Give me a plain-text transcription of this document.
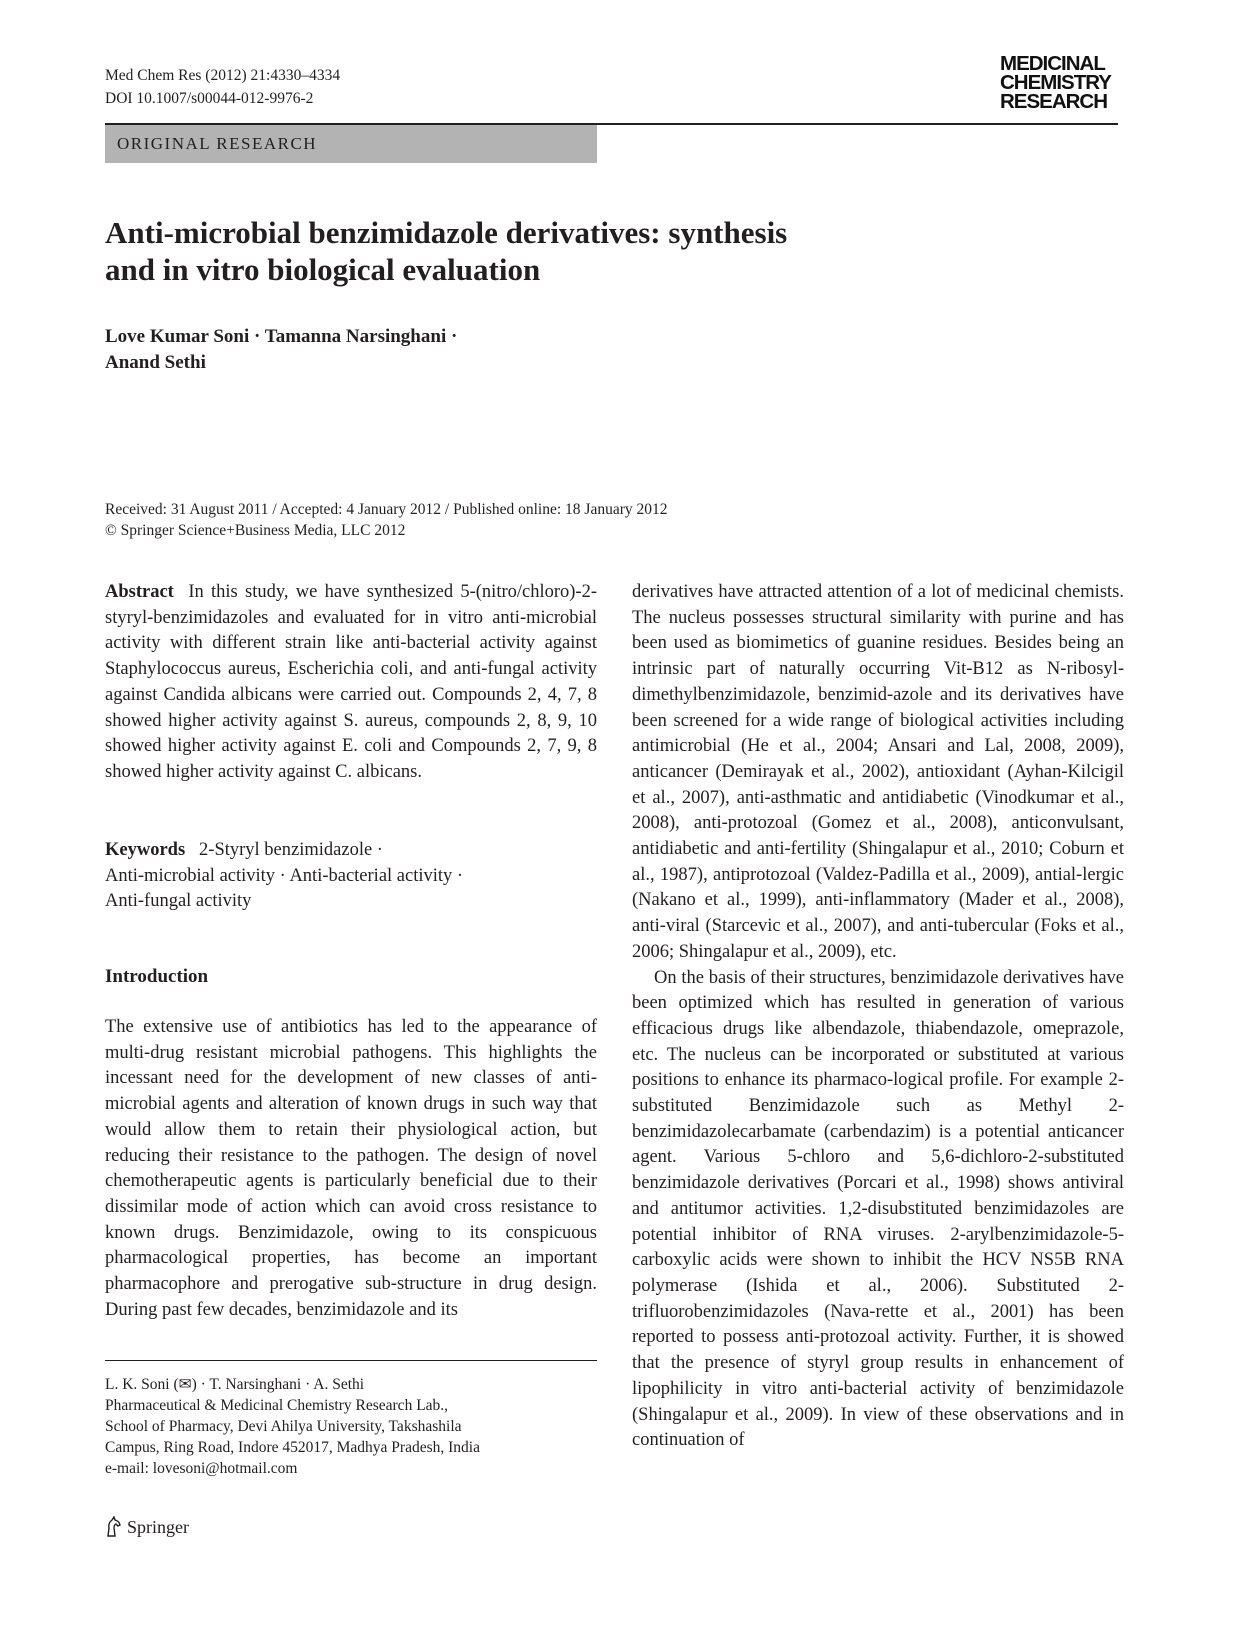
Med Chem Res (2012) 21:4330–4334
DOI 10.1007/s00044-012-9976-2
MEDICINAL
CHEMISTRY
RESEARCH
ORIGINAL RESEARCH
Anti-microbial benzimidazole derivatives: synthesis
and in vitro biological evaluation
Love Kumar Soni · Tamanna Narsinghani ·
Anand Sethi
Received: 31 August 2011 / Accepted: 4 January 2012 / Published online: 18 January 2012
© Springer Science+Business Media, LLC 2012

Abstract In this study, we have synthesized 5-(nitro/chloro)-2-styryl-benzimidazoles and evaluated for in vitro anti-microbial activity with different strain like anti-bacterial activity against Staphylococcus aureus, Escherichia coli, and anti-fungal activity against Candida albicans were carried out. Compounds 2, 4, 7, 8 showed higher activity against S. aureus, compounds 2, 8, 9, 10 showed higher activity against E. coli and Compounds 2, 7, 9, 8 showed higher activity against C. albicans.

Keywords 2-Styryl benzimidazole ·
Anti-microbial activity · Anti-bacterial activity ·
Anti-fungal activity
Introduction

The extensive use of antibiotics has led to the appearance of multi-drug resistant microbial pathogens. This highlights the incessant need for the development of new classes of anti-microbial agents and alteration of known drugs in such way that would allow them to retain their physiological action, but reducing their resistance to the pathogen. The design of novel chemotherapeutic agents is particularly beneficial due to their dissimilar mode of action which can avoid cross resistance to known drugs. Benzimidazole, owing to its conspicuous pharmacological properties, has become an important pharmacophore and prerogative sub-structure in drug design. During past few decades, benzimidazole and its

L. K. Soni (✉) · T. Narsinghani · A. Sethi
Pharmaceutical & Medicinal Chemistry Research Lab.,
School of Pharmacy, Devi Ahilya University, Takshashila
Campus, Ring Road, Indore 452017, Madhya Pradesh, India
e-mail: lovesoni@hotmail.com

derivatives have attracted attention of a lot of medicinal chemists. The nucleus possesses structural similarity with purine and has been used as biomimetics of guanine residues. Besides being an intrinsic part of naturally occurring Vit-B12 as N-ribosyl-dimethylbenzimidazole, benzimid-azole and its derivatives have been screened for a wide range of biological activities including antimicrobial (He et al., 2004; Ansari and Lal, 2008, 2009), anticancer (Demirayak et al., 2002), antioxidant (Ayhan-Kilcigil et al., 2007), anti-asthmatic and antidiabetic (Vinodkumar et al., 2008), anti-protozoal (Gomez et al., 2008), anticonvulsant, antidiabetic and anti-fertility (Shingalapur et al., 2010; Coburn et al., 1987), antiprotozoal (Valdez-Padilla et al., 2009), antial-lergic (Nakano et al., 1999), anti-inflammatory (Mader et al., 2008), anti-viral (Starcevic et al., 2007), and anti-tubercular (Foks et al., 2006; Shingalapur et al., 2009), etc.

On the basis of their structures, benzimidazole derivatives have been optimized which has resulted in generation of various efficacious drugs like albendazole, thiabendazole, omeprazole, etc. The nucleus can be incorporated or substituted at various positions to enhance its pharmaco-logical profile. For example 2-substituted Benzimidazole such as Methyl 2-benzimidazolecarbamate (carbendazim) is a potential anticancer agent. Various 5-chloro and 5,6-dichloro-2-substituted benzimidazole derivatives (Porcari et al., 1998) shows antiviral and antitumor activities. 1,2-disubstituted benzimidazoles are potential inhibitor of RNA viruses. 2-arylbenzimidazole-5-carboxylic acids were shown to inhibit the HCV NS5B RNA polymerase (Ishida et al., 2006). Substituted 2-trifluorobenzimidazoles (Nava-rette et al., 2001) has been reported to possess anti-protozoal activity. Further, it is showed that the presence of styryl group results in enhancement of lipophilicity in vitro anti-bacterial activity of benzimidazole (Shingalapur et al., 2009). In view of these observations and in continuation of

Springer
